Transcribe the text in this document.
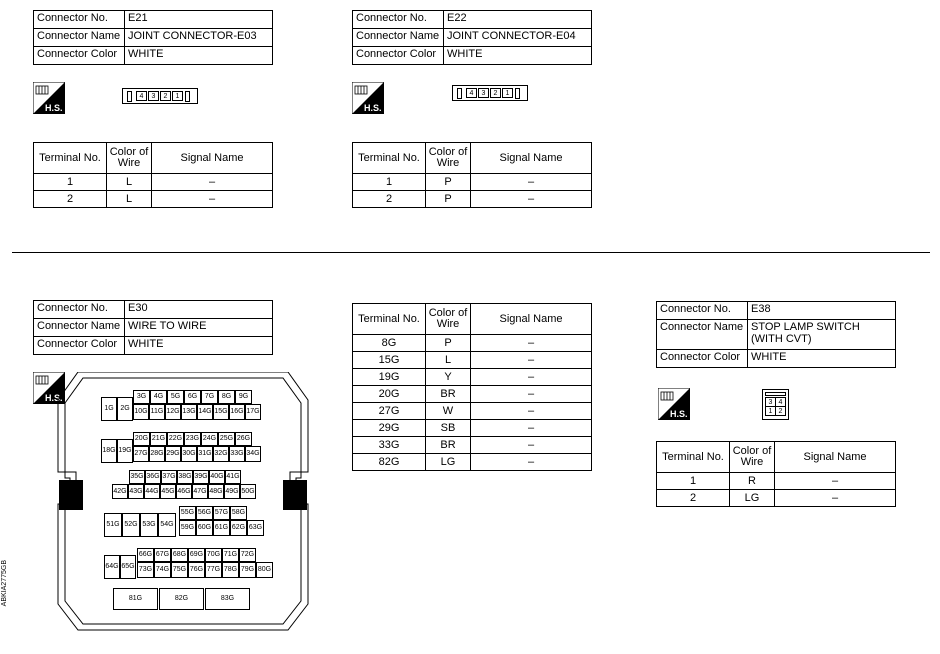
Connector No.	E21
Connector Name	JOINT CONNECTOR-E03
Connector Color	WHITE
H.S.
4	3	2	1
Terminal No.	Color of Wire	Signal Name
1	L	–
2	L	–
Connector No.	E22
Connector Name	JOINT CONNECTOR-E04
Connector Color	WHITE
H.S.
4	3	2	1
Terminal No.	Color of Wire	Signal Name
1	P	–
2	P	–
Connector No.	E30
Connector Name	WIRE TO WIRE
Connector Color	WHITE
H.S.	3G	4G	5G	6G	7G	8G	9G
1G 2G 10G 11G 12G 13G 14G 15G 16G 17G
20G 21G 22G 23G 24G 25G 26G
18G 19G 27G 28G 29G 30G 31G 32G 33G 34G
35G 36G 37G 38G 39G 40G 41G
42G 43G 44G 45G 46G 47G 48G 49G 50G
55G 56G 57G 58G
51G 52G 53G 54G	59G 60G 61G 62G 63G
66G 67G 68G 69G 70G 71G 72G
64G 65G 73G 74G 75G 76G 77G 78G 79G 80G
81G	82G	83G
Terminal No.	Color of Wire	Signal Name
8G	P	–
15G	L	–
19G	Y	–
20G	BR	–
27G	W	–
29G	SB	–
33G	BR	–
82G	LG	–
Connector No.	E38
Connector Name	STOP LAMP SWITCH (WITH CVT)
Connector Color	WHITE
H.S.
3 4
1 2
Terminal No.	Color of Wire	Signal Name
1	R	–
2	LG	–
ABKIA2775GB
